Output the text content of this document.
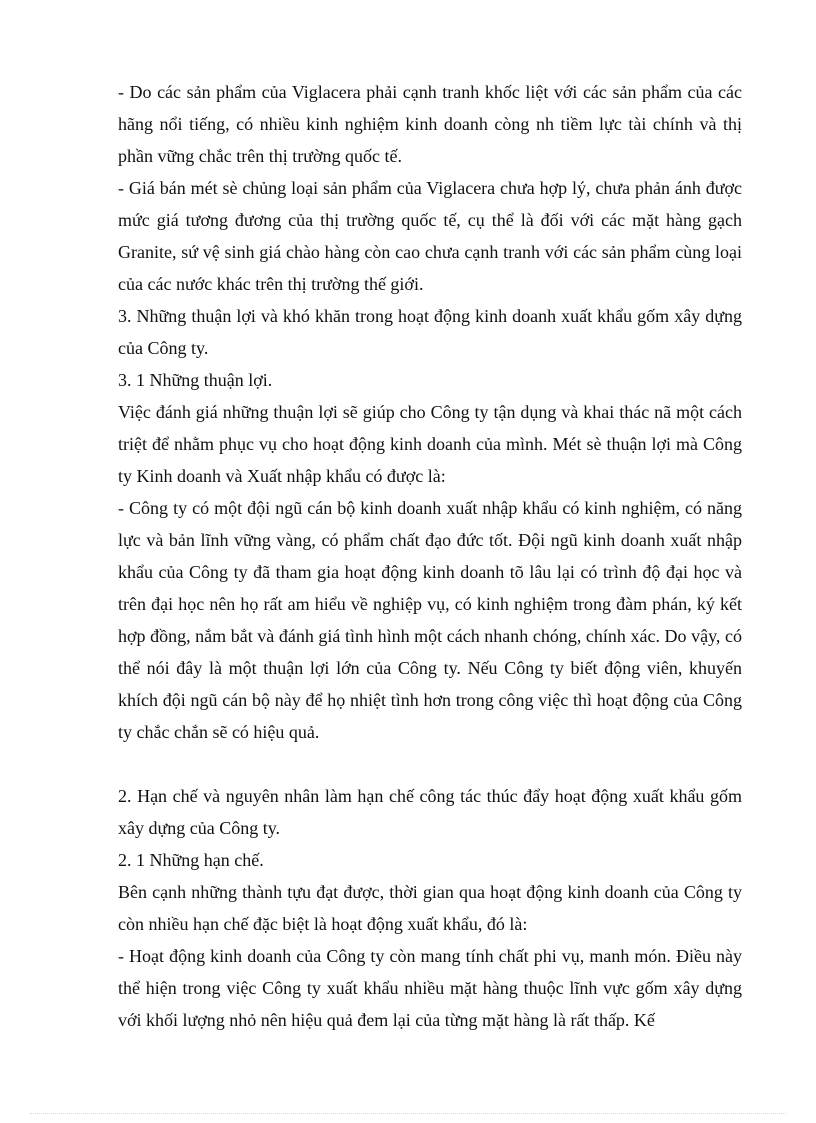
- Do các sản phẩm của Viglacera phải cạnh tranh khốc liệt với các sản phẩm của các hãng nổi tiếng, có nhiều kinh nghiệm kinh doanh còng nh tiềm lực tài chính và thị phần vững chắc trên thị trường quốc tế.

- Giá bán mét sè chủng loại sản phẩm của Viglacera chưa hợp lý, chưa phản ánh được mức giá tương đương của thị trường quốc tế, cụ thể là đối với các mặt hàng gạch Granite, sứ vệ sinh giá chào hàng còn cao chưa cạnh tranh với các sản phẩm cùng loại của các nước khác trên thị trường thế giới.

3. Những thuận lợi và khó khăn trong hoạt động kinh doanh xuất khẩu gốm xây dựng của Công ty.

3. 1 Những thuận lợi.

Việc đánh giá những thuận lợi sẽ giúp cho Công ty tận dụng và khai thác nã một cách triệt để nhằm phục vụ cho hoạt động kinh doanh của mình. Mét sè thuận lợi mà Công ty Kinh doanh và Xuất nhập khẩu có được là:

- Công ty có một đội ngũ cán bộ kinh doanh xuất nhập khẩu có kinh nghiệm, có năng lực và bản lĩnh vững vàng, có phẩm chất đạo đức tốt. Đội ngũ kinh doanh xuất nhập khẩu của Công ty đã tham gia hoạt động kinh doanh tõ lâu lại có trình độ đại học và trên đại học nên họ rất am hiểu về nghiệp vụ, có kinh nghiệm trong đàm phán, ký kết hợp đồng, nắm bắt và đánh giá tình hình một cách nhanh chóng, chính xác. Do vậy, có thể nói đây là một thuận lợi lớn của Công ty. Nếu Công ty biết động viên, khuyến khích đội ngũ cán bộ này để họ nhiệt tình hơn trong công việc thì hoạt động của Công ty chắc chắn sẽ có hiệu quả.

2. Hạn chế và nguyên nhân làm hạn chế công tác thúc đẩy hoạt động xuất khẩu gốm xây dựng của Công ty.

2. 1 Những hạn chế.

Bên cạnh những thành tựu đạt được, thời gian qua hoạt động kinh doanh của Công ty còn nhiều hạn chế đặc biệt là hoạt động xuất khẩu, đó là:

- Hoạt động kinh doanh của Công ty còn mang tính chất phi vụ, manh món. Điều này thể hiện trong việc Công ty xuất khẩu nhiều mặt hàng thuộc lĩnh vực gốm xây dựng với khối lượng nhỏ nên hiệu quả đem lại của từng mặt hàng là rất thấp. Kế
